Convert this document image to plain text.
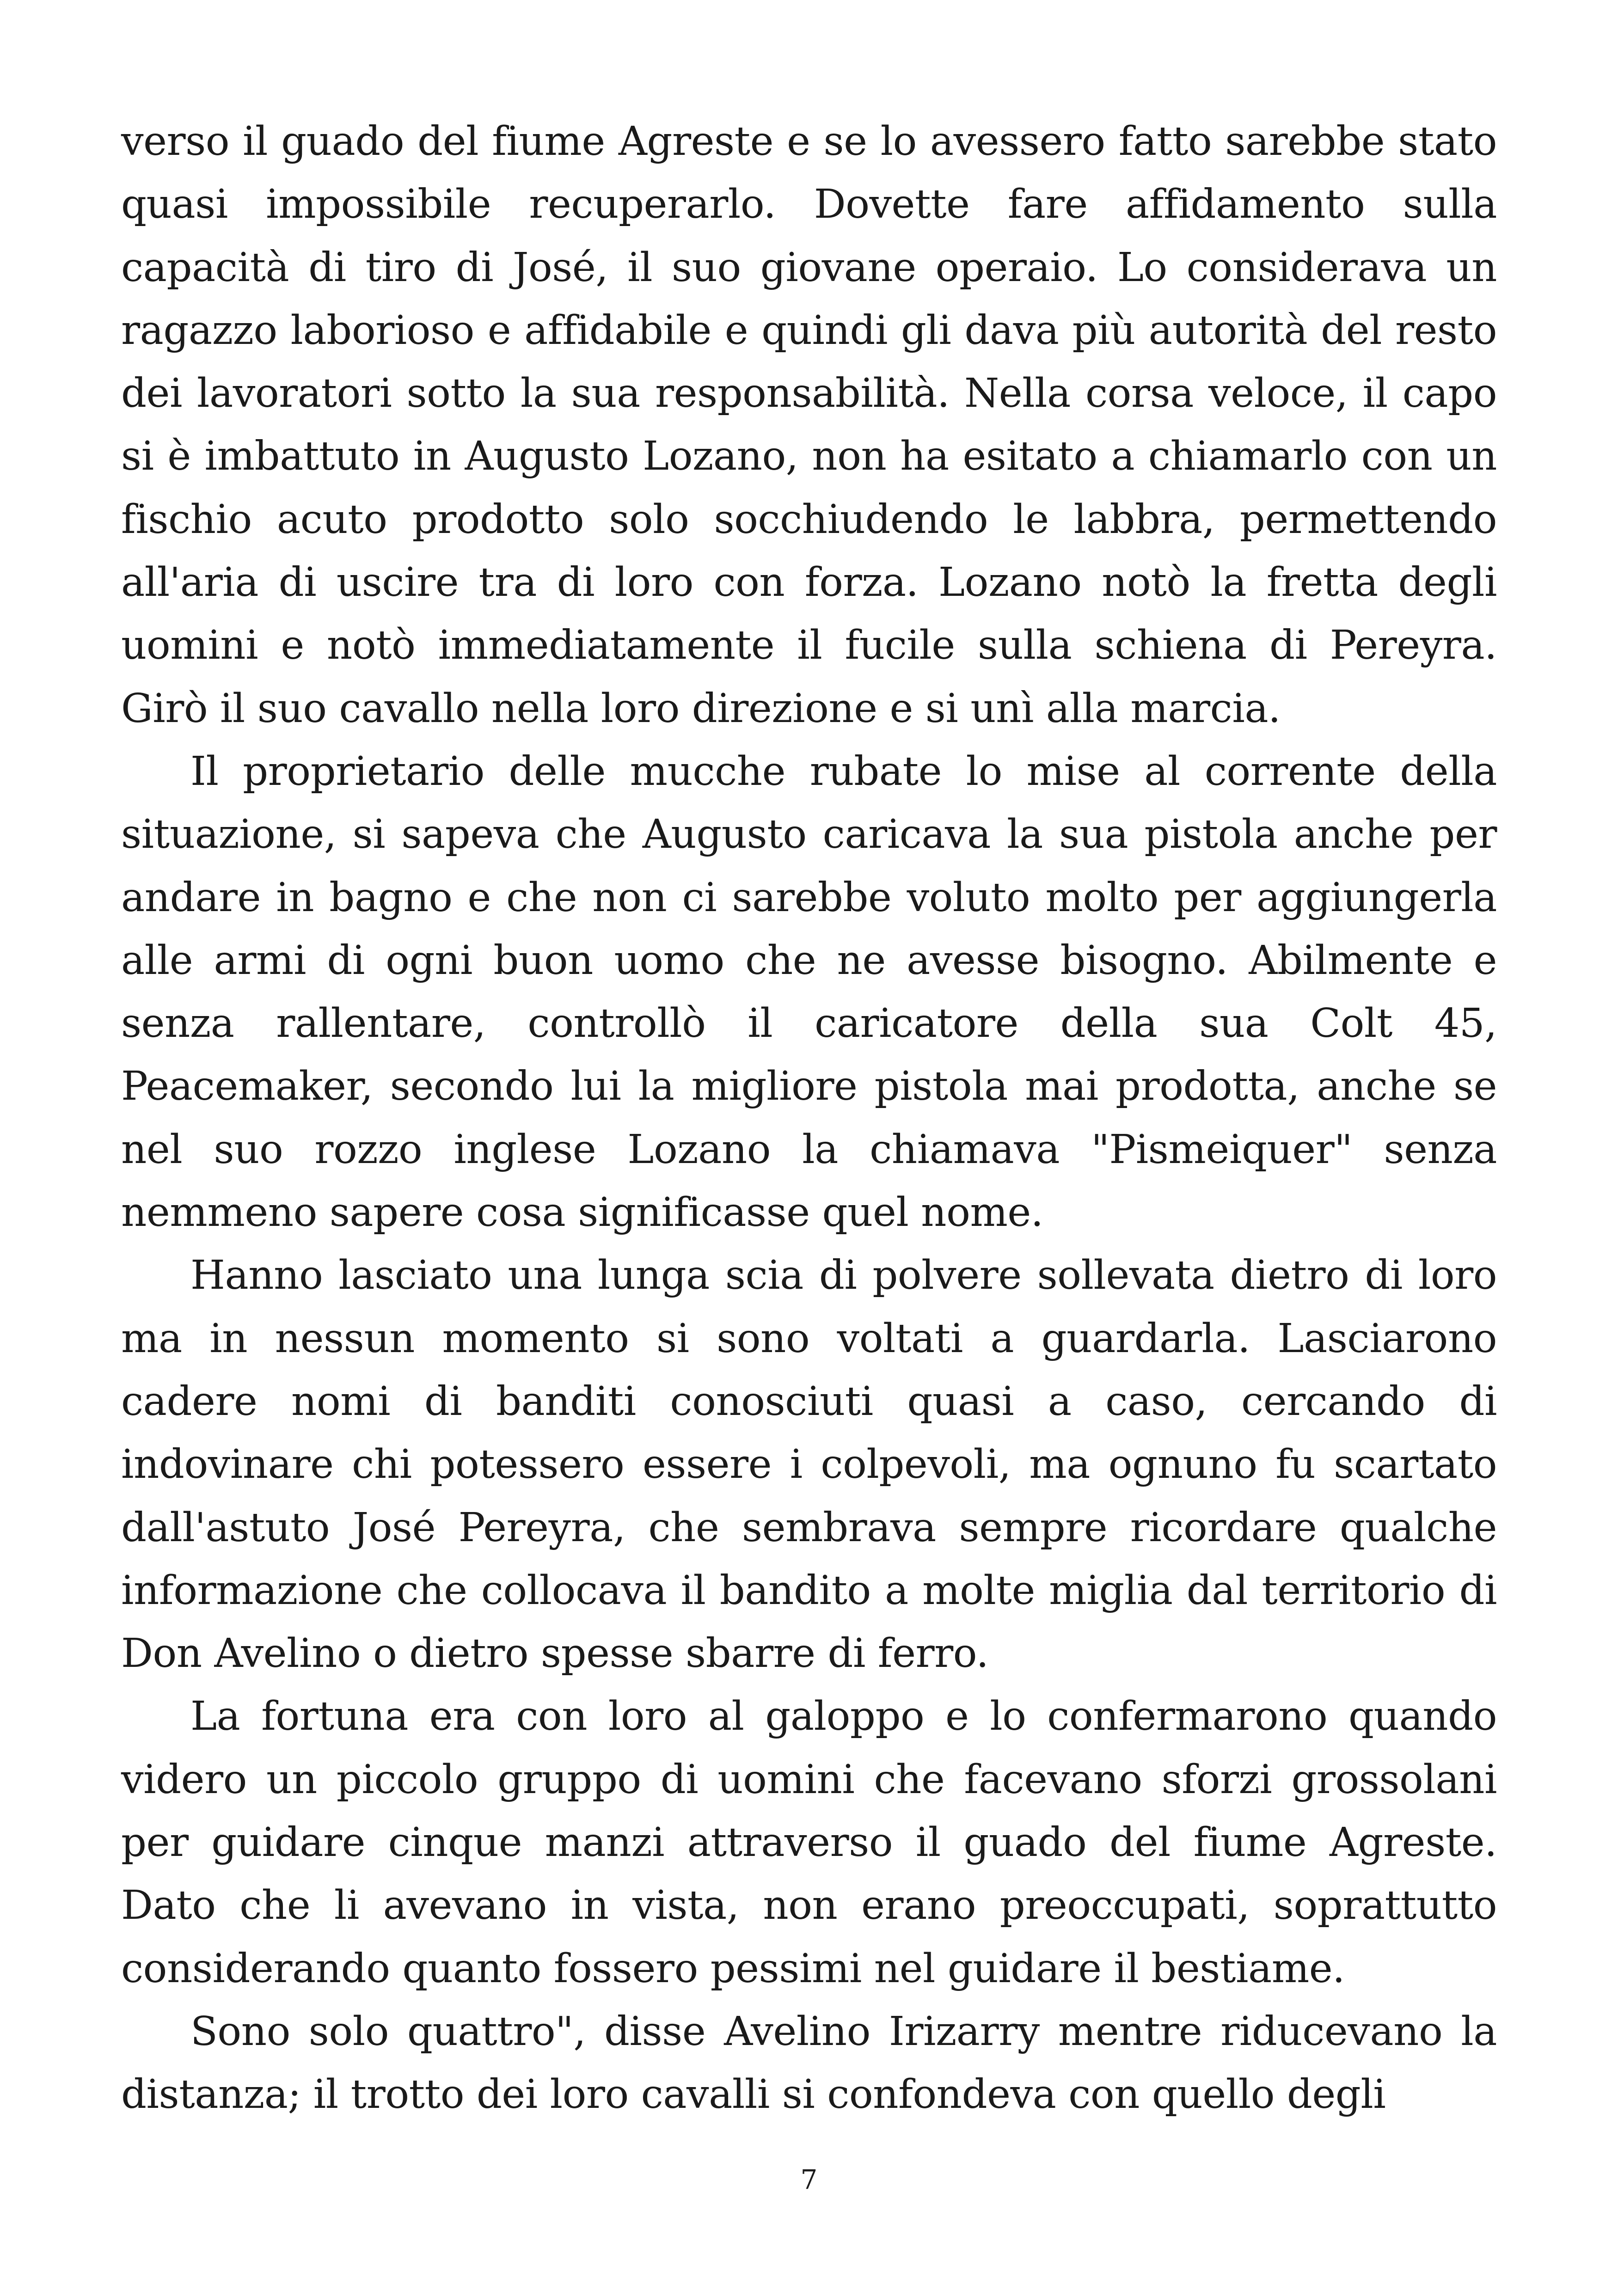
verso il guado del fiume Agreste e se lo avessero fatto sarebbe stato quasi impossibile recuperarlo. Dovette fare affidamento sulla capacità di tiro di José, il suo giovane operaio. Lo considerava un ragazzo laborioso e affidabile e quindi gli dava più autorità del resto dei lavoratori sotto la sua responsabilità. Nella corsa veloce, il capo si è imbattuto in Augusto Lozano, non ha esitato a chiamarlo con un fischio acuto prodotto solo socchiudendo le labbra, permettendo all'aria di uscire tra di loro con forza. Lozano notò la fretta degli uomini e notò immediatamente il fucile sulla schiena di Pereyra. Girò il suo cavallo nella loro direzione e si unì alla marcia.

Il proprietario delle mucche rubate lo mise al corrente della situazione, si sapeva che Augusto caricava la sua pistola anche per andare in bagno e che non ci sarebbe voluto molto per aggiungerla alle armi di ogni buon uomo che ne avesse bisogno. Abilmente e senza rallentare, controllò il caricatore della sua Colt 45, Peacemaker, secondo lui la migliore pistola mai prodotta, anche se nel suo rozzo inglese Lozano la chiamava "Pismeiquer" senza nemmeno sapere cosa significasse quel nome.

Hanno lasciato una lunga scia di polvere sollevata dietro di loro ma in nessun momento si sono voltati a guardarla. Lasciarono cadere nomi di banditi conosciuti quasi a caso, cercando di indovinare chi potessero essere i colpevoli, ma ognuno fu scartato dall'astuto José Pereyra, che sembrava sempre ricordare qualche informazione che collocava il bandito a molte miglia dal territorio di Don Avelino o dietro spesse sbarre di ferro.

La fortuna era con loro al galoppo e lo confermarono quando videro un piccolo gruppo di uomini che facevano sforzi grossolani per guidare cinque manzi attraverso il guado del fiume Agreste. Dato che li avevano in vista, non erano preoccupati, soprattutto considerando quanto fossero pessimi nel guidare il bestiame.

Sono solo quattro", disse Avelino Irizarry mentre riducevano la distanza; il trotto dei loro cavalli si confondeva con quello degli

7
